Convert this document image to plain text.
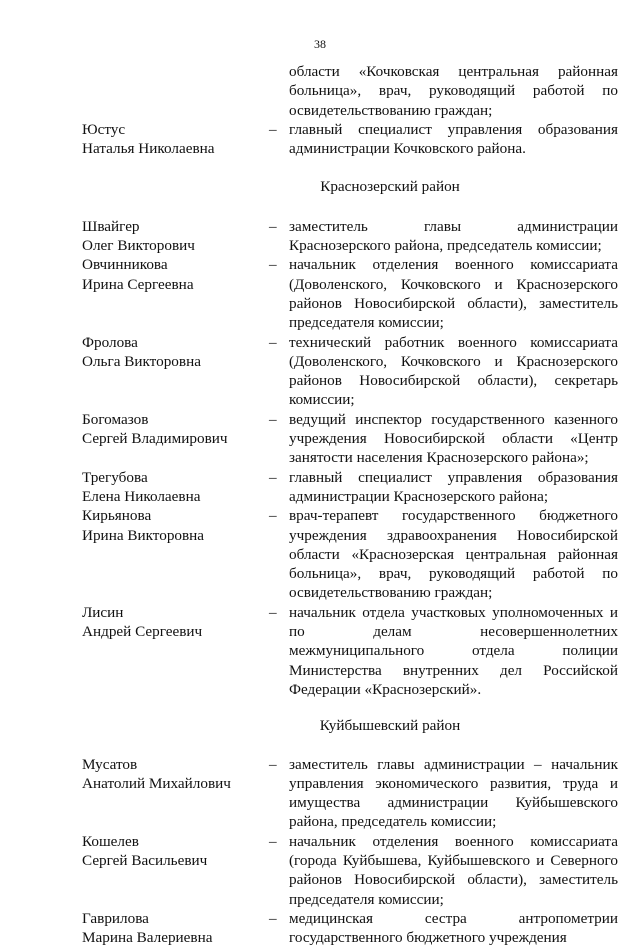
38
области «Кочковская центральная районная больница», врач, руководящий работой по освидетельствованию граждан;
Юстус
Наталья Николаевна
– главный специалист управления образования администрации Кочковского района.
Краснозерский район
Швайгер
Олег Викторович
– заместитель главы администрации Краснозерского района, председатель комиссии;
Овчинникова
Ирина Сергеевна
– начальник отделения военного комиссариата (Доволенского, Кочковского и Краснозерского районов Новосибирской области), заместитель председателя комиссии;
Фролова
Ольга Викторовна
– технический работник военного комиссариата (Доволенского, Кочковского и Краснозерского районов Новосибирской области), секретарь комиссии;
Богомазов
Сергей Владимирович
– ведущий инспектор государственного казенного учреждения Новосибирской области «Центр занятости населения Краснозерского района»;
Трегубова
Елена Николаевна
– главный специалист управления образования администрации Краснозерского района;
Кирьянова
Ирина Викторовна
– врач-терапевт государственного бюджетного учреждения здравоохранения Новосибирской области «Краснозерская центральная районная больница», врач, руководящий работой по освидетельствованию граждан;
Лисин
Андрей Сергеевич
– начальник отдела участковых уполномоченных и по делам несовершеннолетних межмуниципального отдела полиции Министерства внутренних дел Российской Федерации «Краснозерский».
Куйбышевский район
Мусатов
Анатолий Михайлович
– заместитель главы администрации – начальник управления экономического развития, труда и имущества администрации Куйбышевского района, председатель комиссии;
Кошелев
Сергей Васильевич
– начальник отделения военного комиссариата (города Куйбышева, Куйбышевского и Северного районов Новосибирской области), заместитель председателя комиссии;
Гаврилова
Марина Валериевна
– медицинская сестра антропометрии государственного бюджетного учреждения
